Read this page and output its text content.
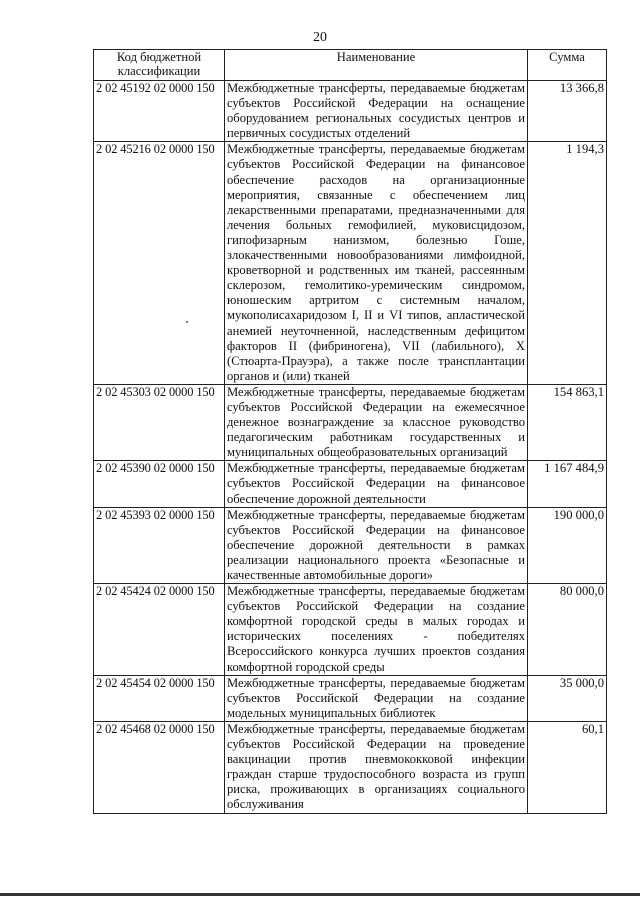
20
Код бюджетной классификации	Наименование	Сумма
2 02 45192 02 0000 150	Межбюджетные трансферты, передаваемые бюджетам субъектов Российской Федерации на оснащение оборудованием региональных сосудистых центров и первичных сосудистых отделений	13 366,8
2 02 45216 02 0000 150	Межбюджетные трансферты, передаваемые бюджетам субъектов Российской Федерации на финансовое обеспечение расходов на организационные мероприятия, связанные с обеспечением лиц лекарственными препаратами, предназначенными для лечения больных гемофилией, муковисцидозом, гипофизарным нанизмом, болезнью Гоше, злокачественными новообразованиями лимфоидной, кроветворной и родственных им тканей, рассеянным склерозом, гемолитико-уремическим синдромом, юношеским артритом с системным началом, мукополисахаридозом I, II и VI типов, апластической анемией неуточненной, наследственным дефицитом факторов II (фибриногена), VII (лабильного), X (Стюарта-Прауэра), а также после трансплантации органов и (или) тканей	1 194,3
2 02 45303 02 0000 150	Межбюджетные трансферты, передаваемые бюджетам субъектов Российской Федерации на ежемесячное денежное вознаграждение за классное руководство педагогическим работникам государственных и муниципальных общеобразовательных организаций	154 863,1
2 02 45390 02 0000 150	Межбюджетные трансферты, передаваемые бюджетам субъектов Российской Федерации на финансовое обеспечение дорожной деятельности	1 167 484,9
2 02 45393 02 0000 150	Межбюджетные трансферты, передаваемые бюджетам субъектов Российской Федерации на финансовое обеспечение дорожной деятельности в рамках реализации национального проекта «Безопасные и качественные автомобильные дороги»	190 000,0
2 02 45424 02 0000 150	Межбюджетные трансферты, передаваемые бюджетам субъектов Российской Федерации на создание комфортной городской среды в малых городах и исторических поселениях - победителях Всероссийского конкурса лучших проектов создания комфортной городской среды	80 000,0
2 02 45454 02 0000 150	Межбюджетные трансферты, передаваемые бюджетам субъектов Российской Федерации на создание модельных муниципальных библиотек	35 000,0
2 02 45468 02 0000 150	Межбюджетные трансферты, передаваемые бюджетам субъектов Российской Федерации на проведение вакцинации против пневмококковой инфекции граждан старше трудоспособного возраста из групп риска, проживающих в организациях социального обслуживания	60,1
